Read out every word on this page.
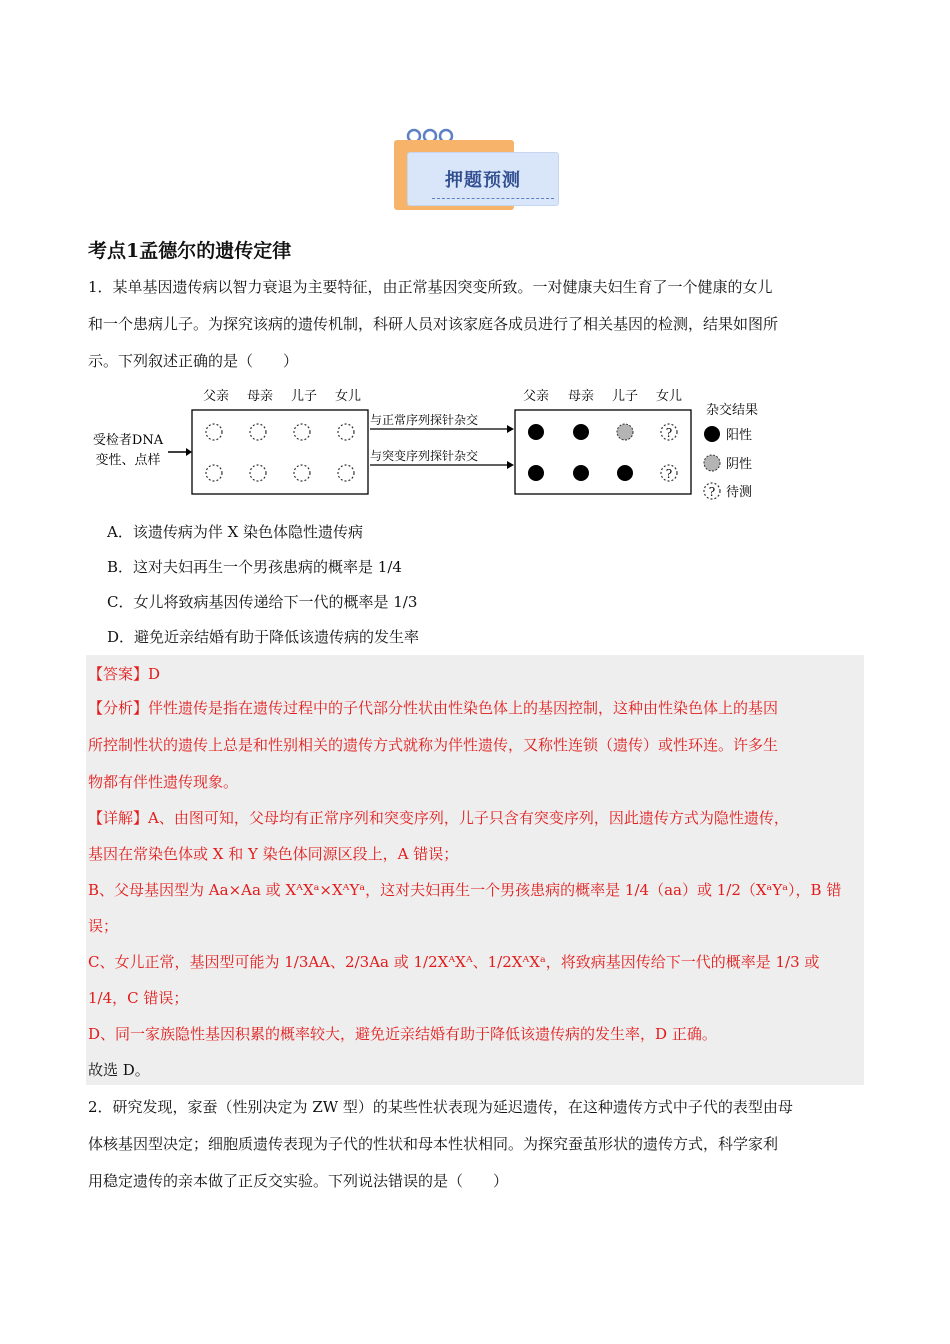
押题预测
考点1孟德尔的遗传定律
1．某单基因遗传病以智力衰退为主要特征，由正常基因突变所致。一对健康夫妇生育了一个健康的女儿
和一个患病儿子。为探究该病的遗传机制，科研人员对该家庭各成员进行了相关基因的检测，结果如图所
示。下列叙述正确的是（　　）
父亲 母亲 儿子 女儿
受检者DNA
变性、点样
与正常序列探针杂交
与突变序列探针杂交
父亲 母亲 儿子 女儿
?
?
杂交结果
阳性
阴性
? 待测
A．该遗传病为伴 X 染色体隐性遗传病
B．这对夫妇再生一个男孩患病的概率是 1/4
C．女儿将致病基因传递给下一代的概率是 1/3
D．避免近亲结婚有助于降低该遗传病的发生率
【答案】D
【分析】伴性遗传是指在遗传过程中的子代部分性状由性染色体上的基因控制，这种由性染色体上的基因
所控制性状的遗传上总是和性别相关的遗传方式就称为伴性遗传，又称性连锁（遗传）或性环连。许多生
物都有伴性遗传现象。
【详解】A、由图可知，父母均有正常序列和突变序列，儿子只含有突变序列，因此遗传方式为隐性遗传，
基因在常染色体或 X 和 Y 染色体同源区段上，A 错误；
B、父母基因型为 Aa×Aa 或 XᴬXᵃ×XᴬYᵃ，这对夫妇再生一个男孩患病的概率是 1/4（aa）或 1/2（XᵃYᵃ），B 错
误；
C、女儿正常，基因型可能为 1/3AA、2/3Aa 或 1/2XᴬXᴬ、1/2XᴬXᵃ，将致病基因传给下一代的概率是 1/3 或
1/4，C 错误；
D、同一家族隐性基因积累的概率较大，避免近亲结婚有助于降低该遗传病的发生率，D 正确。
故选 D。
2．研究发现，家蚕（性别决定为 ZW 型）的某些性状表现为延迟遗传，在这种遗传方式中子代的表型由母
体核基因型决定；细胞质遗传表现为子代的性状和母本性状相同。为探究蚕茧形状的遗传方式，科学家利
用稳定遗传的亲本做了正反交实验。下列说法错误的是（　　）
